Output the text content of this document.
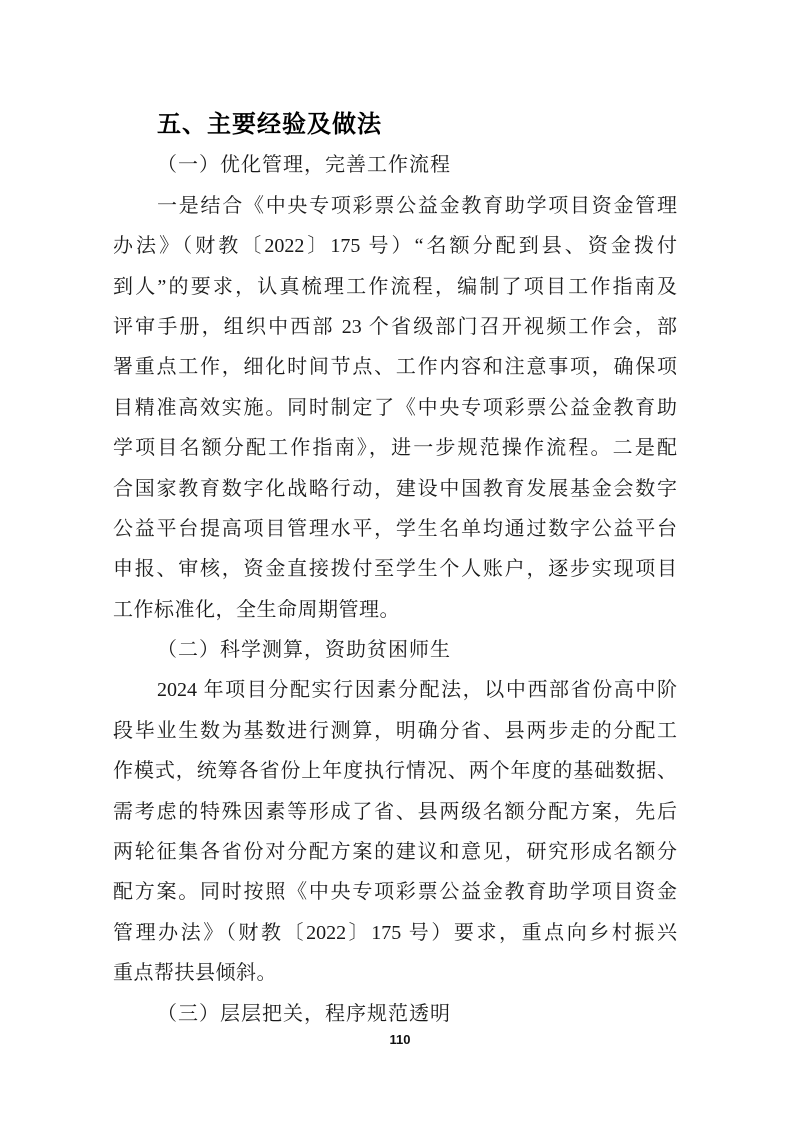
五、主要经验及做法
（一）优化管理，完善工作流程
一是结合《中央专项彩票公益金教育助学项目资金管理
办法》（财教〔2022〕175 号）“名额分配到县、资金拨付
到人”的要求，认真梳理工作流程，编制了项目工作指南及
评审手册，组织中西部 23 个省级部门召开视频工作会，部
署重点工作，细化时间节点、工作内容和注意事项，确保项
目精准高效实施。同时制定了《中央专项彩票公益金教育助
学项目名额分配工作指南》，进一步规范操作流程。二是配
合国家教育数字化战略行动，建设中国教育发展基金会数字
公益平台提高项目管理水平，学生名单均通过数字公益平台
申报、审核，资金直接拨付至学生个人账户，逐步实现项目
工作标准化，全生命周期管理。
（二）科学测算，资助贫困师生
2024 年项目分配实行因素分配法，以中西部省份高中阶
段毕业生数为基数进行测算，明确分省、县两步走的分配工
作模式，统筹各省份上年度执行情况、两个年度的基础数据、
需考虑的特殊因素等形成了省、县两级名额分配方案，先后
两轮征集各省份对分配方案的建议和意见，研究形成名额分
配方案。同时按照《中央专项彩票公益金教育助学项目资金
管理办法》（财教〔2022〕175 号）要求，重点向乡村振兴
重点帮扶县倾斜。
（三）层层把关，程序规范透明
110
